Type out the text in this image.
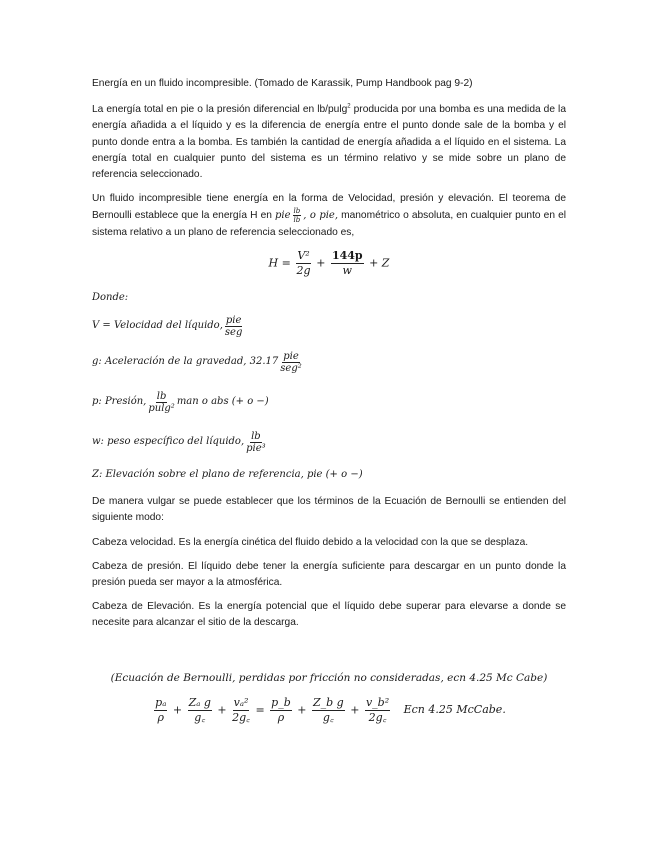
Energía en un fluido incompresible. (Tomado de Karassik, Pump Handbook pag 9-2)

La energía total en pie o la presión diferencial en lb/pulg$^2$ producida por una bomba es una medida de la energía añadida a el líquido y es la diferencia de energía entre el punto donde sale de la bomba y el punto donde entra a la bomba. Es también la cantidad de energía añadida a el líquido en el sistema. La energía total en cualquier punto del sistema es un término relativo y se mide sobre un plano de referencia seleccionado.

Un fluido incompresible tiene energía en la forma de Velocidad, presión y elevación. El teorema de Bernoulli establece que la energía H en pie $\frac{lb}{lb}$ , o pie, manométrico o absoluta, en cualquier punto en el sistema relativo a un plano de referencia seleccionado es,

$H = \frac{\text{V²}}{2g} + \frac{144p}{w} + Z$

Donde:

V = Velocidad del líquido, $\frac{\text{pie}}{\text{seg}}$
g: Aceleración de la gravedad, $32.17 \frac{\text{pie}}{\text{seg²}}$
p: Presión, $\frac{lb}{\text{pulg²}}$ man o abs (+ o −)
w: peso específico del líquido, $\frac{lb}{\text{pie³}}$
Z: Elevación sobre el plano de referencia, pie (+ o −)

De manera vulgar se puede establecer que los términos de la Ecuación de Bernoulli se entienden del siguiente modo:

Cabeza velocidad. Es la energía cinética del fluido debido a la velocidad con la que se desplaza.

Cabeza de presión. El líquido debe tener la energía suficiente para descargar en un punto donde la presión pueda ser mayor a la atmosférica.

Cabeza de Elevación. Es la energía potencial que el líquido debe superar para elevarse a donde se necesite para alcanzar el sitio de la descarga.

(Ecuación de Bernoulli, perdidas por fricción no consideradas, ecn 4.25 Mc Cabe)
$\frac{\text{pₐ}}{\rho} + \frac{\text{Zₐ g}}{g꜀} + \frac{\text{vₐ²}}{2g꜀} = \frac{p\_b}{\rho} + \frac{\text{Z\_b g}}{g꜀} + \frac{\text{v\_b²}}{2g꜀}$ Ecn 4.25 McCabe.
